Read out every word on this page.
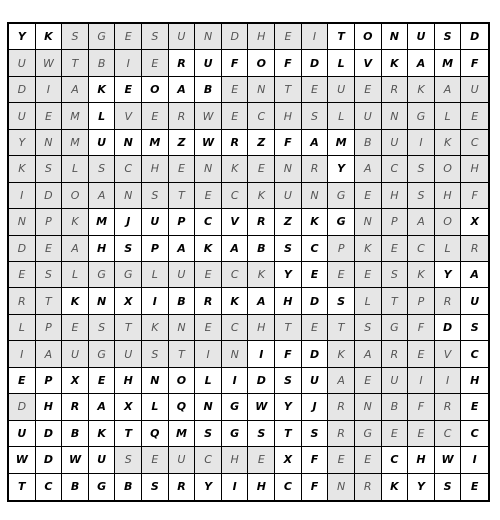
Y	K	S	G	E	S	U	N	D	H	E	I	T	O	N	U	S	D
U	W	T	B	I	E	R	U	F	O	F	D	L	V	K	A	M	F
D	I	A	K	E	O	A	B	E	N	T	E	U	E	R	K	A	U
U	E	M	L	V	E	R	W	E	C	H	S	L	U	N	G	L	E
Y	N	M	U	N	M	Z	W	R	Z	F	A	M	B	U	I	K	C
K	S	L	S	C	H	E	N	K	E	N	R	Y	A	C	S	O	H
I	D	O	A	N	S	T	E	C	K	U	N	G	E	H	S	H	F
N	P	K	M	J	U	P	C	V	R	Z	K	G	N	P	A	O	X
D	E	A	H	S	P	A	K	A	B	S	C	P	K	E	C	L	R
E	S	L	G	G	L	U	E	C	K	Y	E	E	E	S	K	Y	A
R	T	K	N	X	I	B	R	K	A	H	D	S	L	T	P	R	U
L	P	E	S	T	K	N	E	C	H	T	E	T	S	G	F	D	S
I	A	U	G	U	S	T	I	N	I	F	D	K	A	R	E	V	C
E	P	X	E	H	N	O	L	I	D	S	U	A	E	U	I	I	H
D	H	R	A	X	L	Q	N	G	W	Y	J	R	N	B	F	R	E
U	D	B	K	T	Q	M	S	G	S	T	S	R	G	E	E	C	C
W	D	W	U	S	E	U	C	H	E	X	F	E	E	C	H	W	I
T	C	B	G	B	S	R	Y	I	H	C	F	N	R	K	Y	S	E
